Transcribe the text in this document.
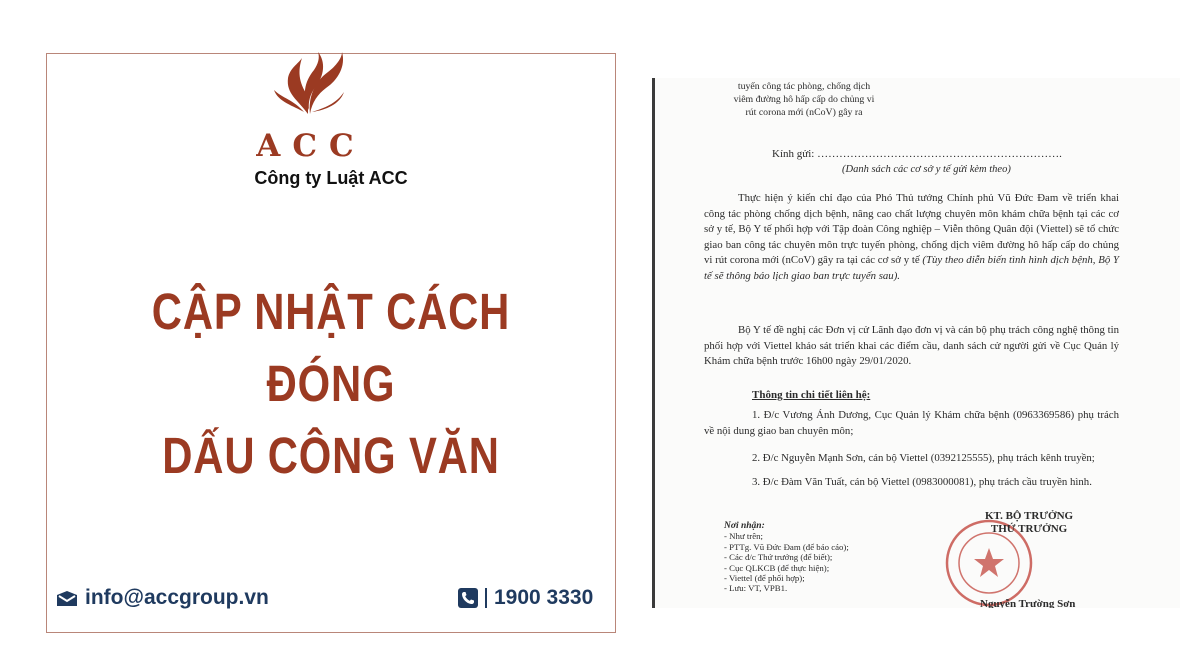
ACC
Công ty Luật ACC
CẬP NHẬT CÁCH ĐÓNG
DẤU CÔNG VĂN
info@accgroup.vn	1900 3330
tuyến công tác phòng, chống dịch
viêm đường hô hấp cấp do chủng vi
rút corona mới (nCoV) gây ra
Kính gửi: ………………………………………………………….
(Danh sách các cơ sở y tế gửi kèm theo)

Thực hiện ý kiến chỉ đạo của Phó Thủ tướng Chính phủ Vũ Đức Đam về triển khai công tác phòng chống dịch bệnh, nâng cao chất lượng chuyên môn khám chữa bệnh tại các cơ sở y tế, Bộ Y tế phối hợp với Tập đoàn Công nghiệp – Viễn thông Quân đội (Viettel) sẽ tổ chức giao ban công tác chuyên môn trực tuyến phòng, chống dịch viêm đường hô hấp cấp do chủng vi rút corona mới (nCoV) gây ra tại các cơ sở y tế (Tùy theo diễn biến tình hình dịch bệnh, Bộ Y tế sẽ thông báo lịch giao ban trực tuyến sau).

Bộ Y tế đề nghị các Đơn vị cử Lãnh đạo đơn vị và cán bộ phụ trách công nghệ thông tin phối hợp với Viettel khảo sát triển khai các điểm cầu, danh sách cử người gửi về Cục Quản lý Khám chữa bệnh trước 16h00 ngày 29/01/2020.

Thông tin chi tiết liên hệ:

1. Đ/c Vương Ánh Dương, Cục Quản lý Khám chữa bệnh (0963369586) phụ trách về nội dung giao ban chuyên môn;

2. Đ/c Nguyễn Mạnh Sơn, cán bộ Viettel (0392125555), phụ trách kênh truyền;
3. Đ/c Đàm Văn Tuất, cán bộ Viettel (0983000081), phụ trách cầu truyền hình.
KT. BỘ TRƯỞNG
THỨ TRƯỞNG
Nơi nhận:
- Như trên;
- PTTg. Vũ Đức Đam (để báo cáo);
- Các đ/c Thứ trưởng (để biết);
- Cục QLKCB (để thực hiện);
- Viettel (để phối hợp);
- Lưu: VT, VPB1.
Nguyễn Trường Sơn
